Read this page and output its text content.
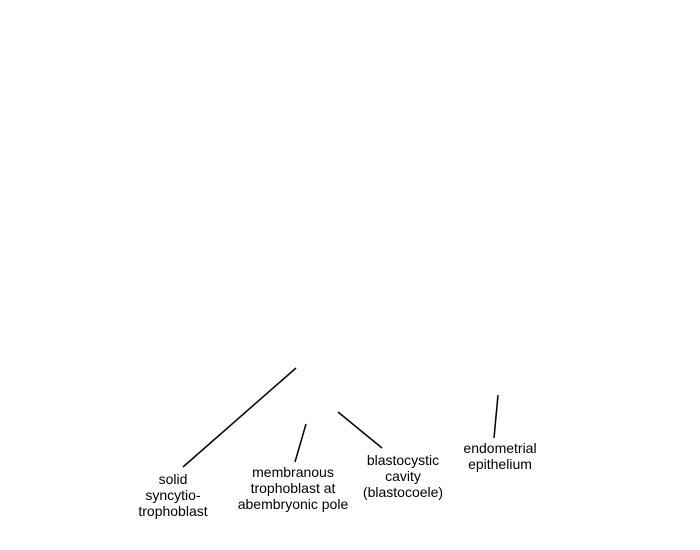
solid
syncytio-
trophoblast
membranous
trophoblast at
abembryonic pole
blastocystic
cavity
(blastocoele)
endometrial
epithelium
